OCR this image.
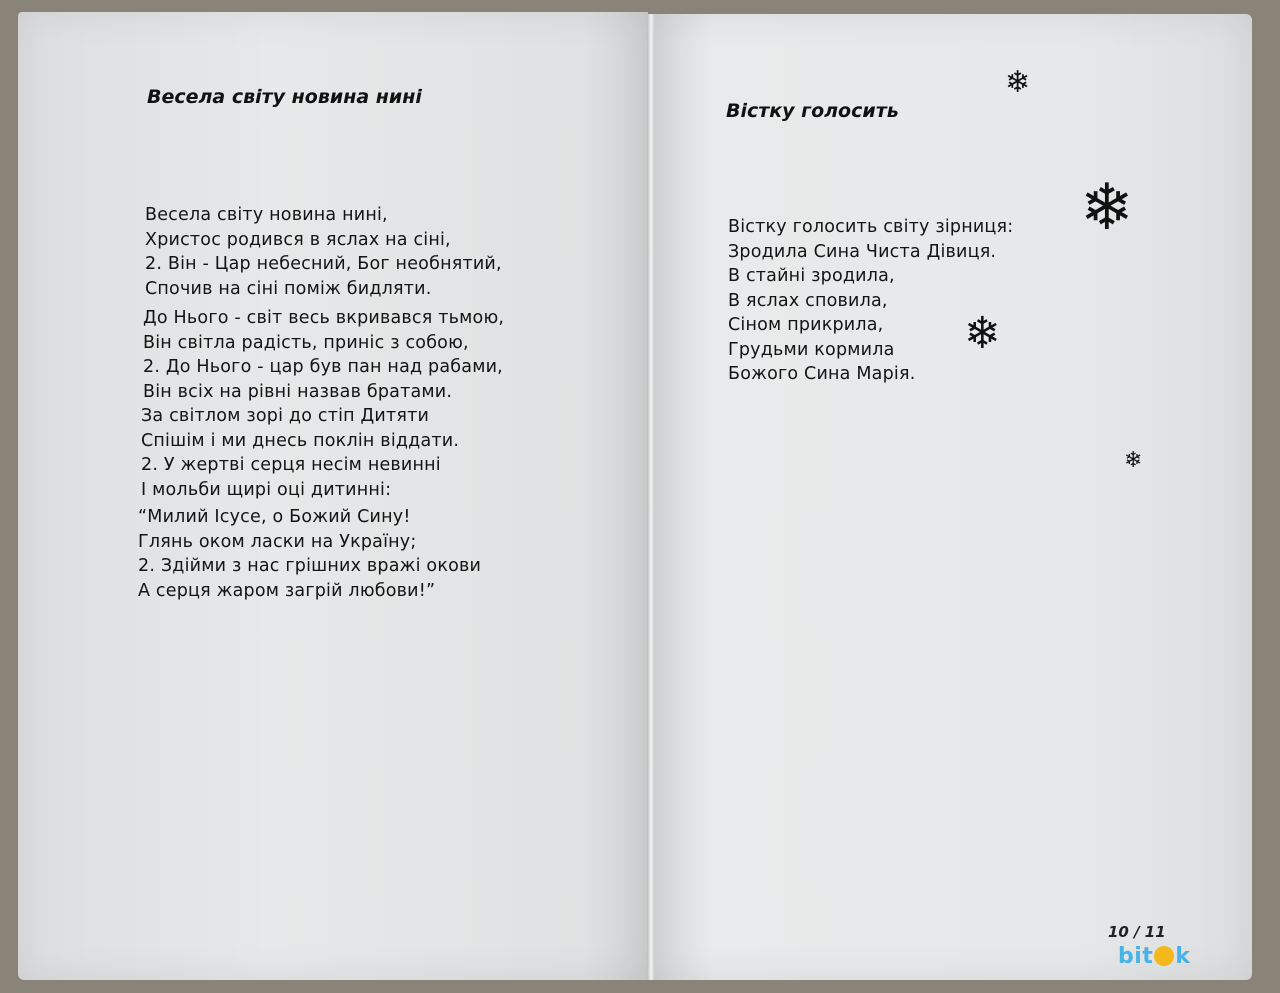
Весела світу новина нині
Весела світу новина нині,
Христос родився в яслах на сіні,
2. Він - Цар небесний, Бог необнятий,
Спочив на сіні поміж бидляти.
До Нього - світ весь вкривався тьмою,
Він світла радість, приніс з собою,
2. До Нього - цар був пан над рабами,
Він всіх на рівні назвав братами.
За світлом зорі до стіп Дитяти
Спішім і ми днесь поклін віддати.
2. У жертві серця несім невинні
І мольби щирі оці дитинні:
“Милий Ісусе, о Божий Сину!
Глянь оком ласки на Україну;
2. Здійми з нас грішних вражі окови
А серця жаром загрій любови!”
Вістку голосить
Вістку голосить світу зірниця:
Зродила Сина Чиста Дівиця.
В стайні зродила,
В яслах сповила,
Сіном прикрила,
Грудьми кормила
Божого Сина Марія.
❄
❄
❄
❄
10 / 11
bit k
